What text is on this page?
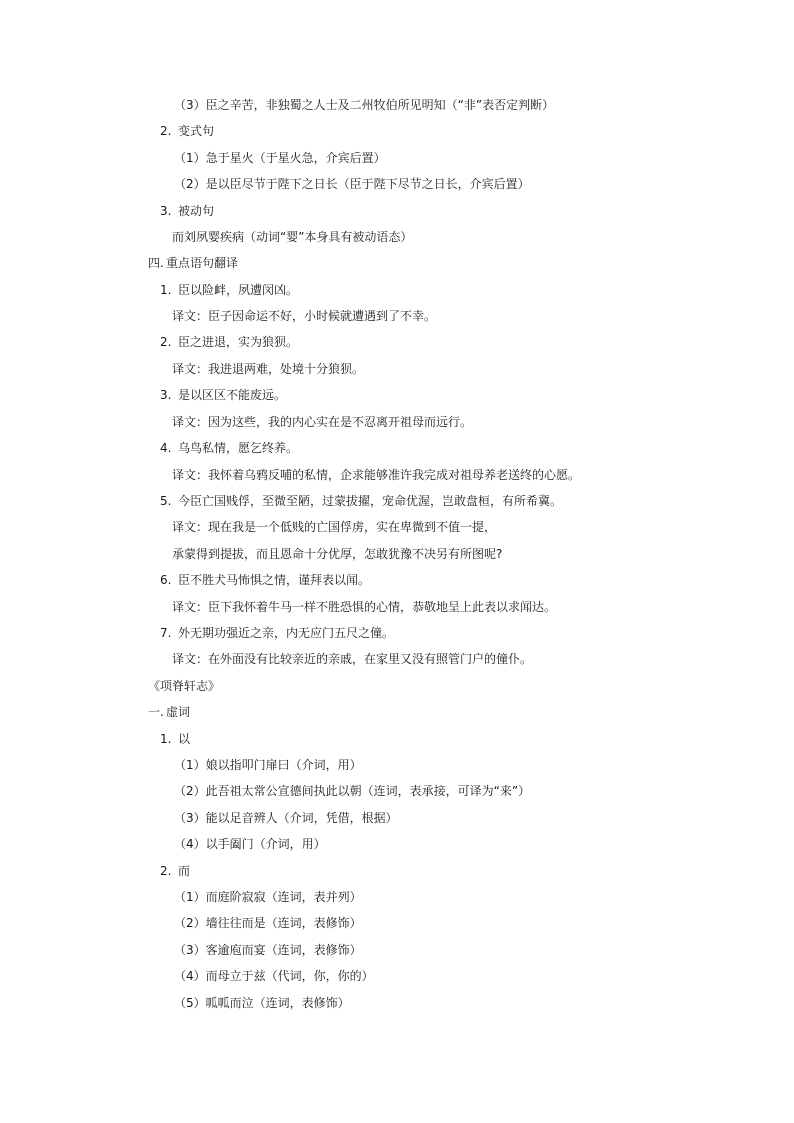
（3）臣之辛苦，非独蜀之人士及二州牧伯所见明知（“非”表否定判断）
2. 变式句
（1）急于星火（于星火急，介宾后置）
（2）是以臣尽节于陛下之日长（臣于陛下尽节之日长，介宾后置）
3. 被动句
而刘夙婴疾病（动词“婴”本身具有被动语态）
四. 重点语句翻译
1. 臣以险衅，夙遭闵凶。
译文：臣子因命运不好，小时候就遭遇到了不幸。
2. 臣之进退，实为狼狈。
译文：我进退两难，处境十分狼狈。
3. 是以区区不能废远。
译文：因为这些，我的内心实在是不忍离开祖母而远行。
4. 乌鸟私情，愿乞终养。
译文：我怀着乌鸦反哺的私情，企求能够准许我完成对祖母养老送终的心愿。
5. 今臣亡国贱俘，至微至陋，过蒙拔擢，宠命优渥，岂敢盘桓，有所希冀。
译文：现在我是一个低贱的亡国俘虏，实在卑微到不值一提，
承蒙得到提拔，而且恩命十分优厚，怎敢犹豫不决另有所图呢?
6. 臣不胜犬马怖惧之情，谨拜表以闻。
译文：臣下我怀着牛马一样不胜恐惧的心情，恭敬地呈上此表以求闻达。
7. 外无期功强近之亲，内无应门五尺之僮。
译文：在外面没有比较亲近的亲戚，在家里又没有照管门户的僮仆。
《项脊轩志》
一. 虚词
1. 以
（1）娘以指叩门扉曰（介词，用）
（2）此吾祖太常公宣德间执此以朝（连词，表承接，可译为“来”）
（3）能以足音辨人（介词，凭借，根据）
（4）以手阖门（介词，用）
2. 而
（1）而庭阶寂寂（连词，表并列）
（2）墙往往而是（连词，表修饰）
（3）客逾庖而宴（连词，表修饰）
（4）而母立于兹（代词，你，你的）
（5）呱呱而泣（连词，表修饰）
